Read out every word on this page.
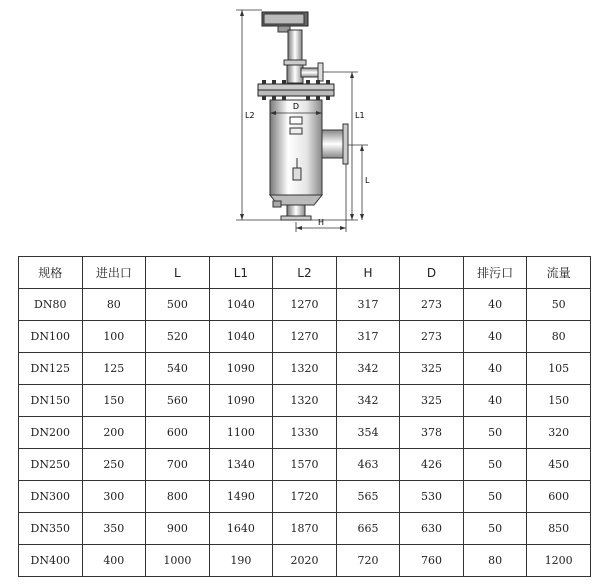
D
L2	L1
L
H
规格	进出口	L	L1	L2	H	D	排污口	流量
DN80	80	500	1040	1270	317	273	40	50
DN100	100	520	1040	1270	317	273	40	80
DN125	125	540	1090	1320	342	325	40	105
DN150	150	560	1090	1320	342	325	40	150
DN200	200	600	1100	1330	354	378	50	320
DN250	250	700	1340	1570	463	426	50	450
DN300	300	800	1490	1720	565	530	50	600
DN350	350	900	1640	1870	665	630	50	850
DN400	400	1000	190	2020	720	760	80	1200
